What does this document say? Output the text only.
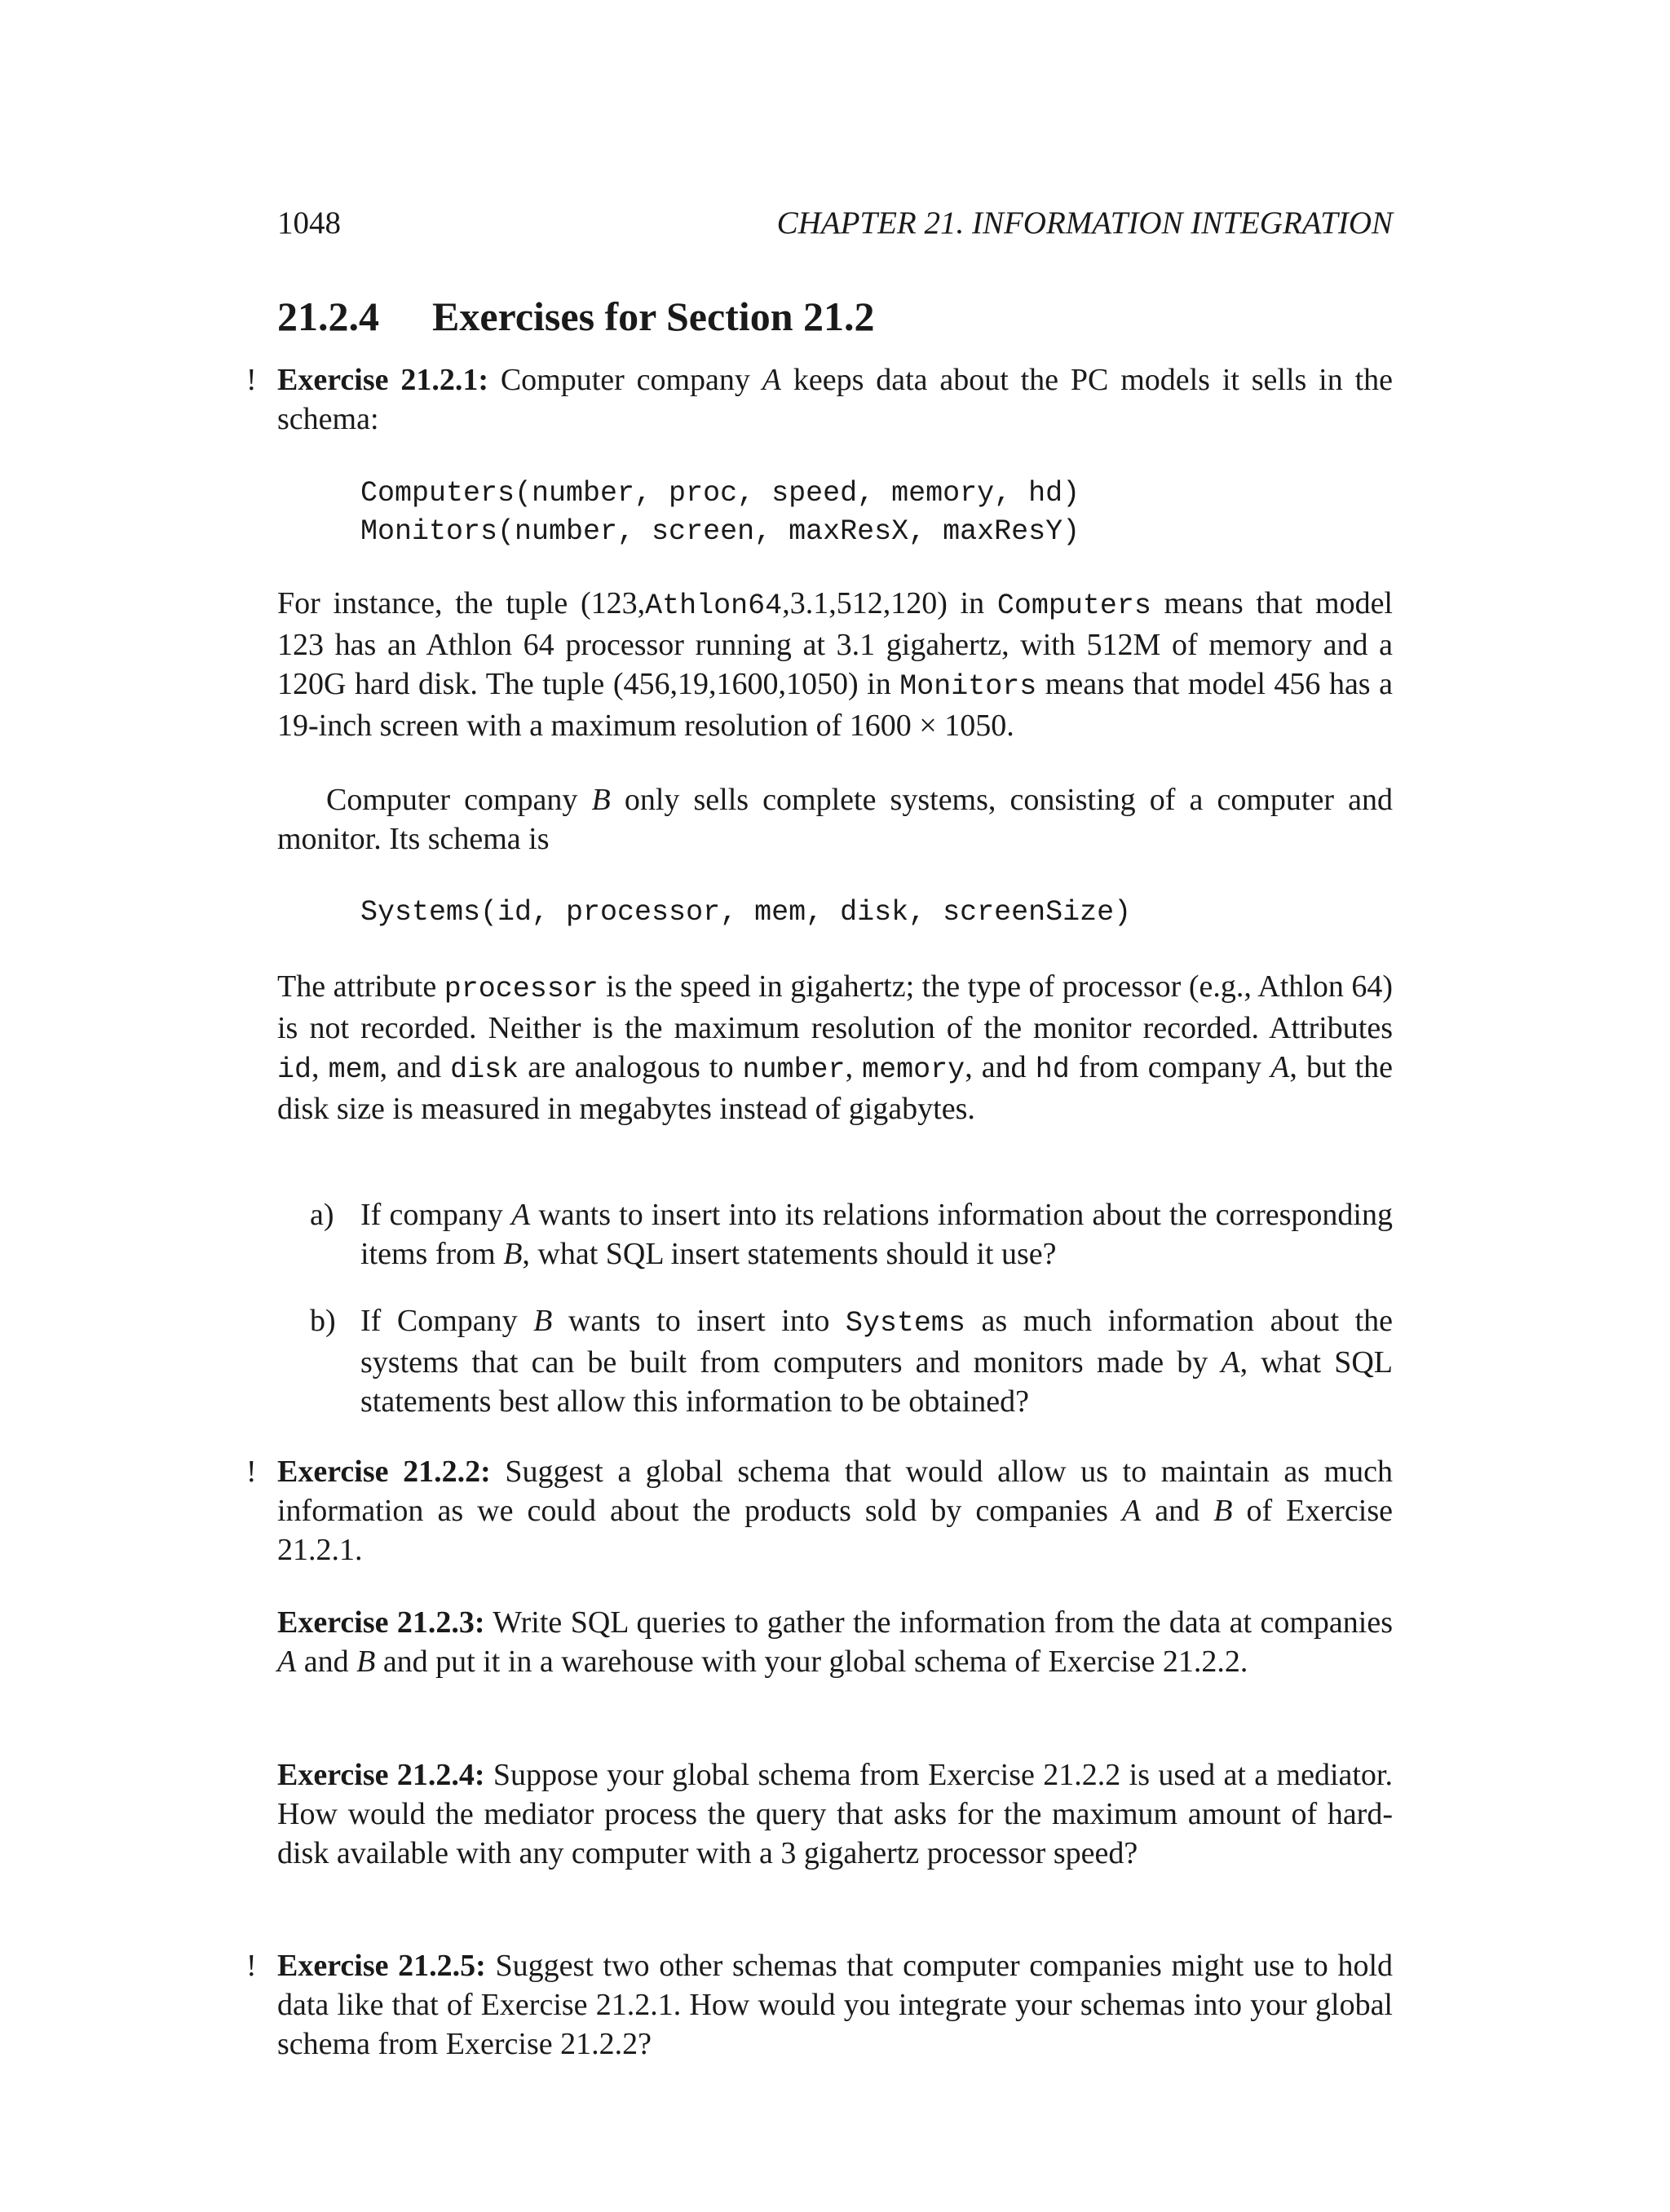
1048	CHAPTER 21. INFORMATION INTEGRATION
21.2.4 Exercises for Section 21.2
! Exercise 21.2.1: Computer company A keeps data about the PC models it sells in the schema:
Computers(number, proc, speed, memory, hd)
Monitors(number, screen, maxResX, maxResY)
For instance, the tuple (123,Athlon64,3.1,512,120) in Computers means that model 123 has an Athlon 64 processor running at 3.1 gigahertz, with 512M of memory and a 120G hard disk. The tuple (456,19,1600,1050) in Monitors means that model 456 has a 19-inch screen with a maximum resolution of 1600 × 1050.
Computer company B only sells complete systems, consisting of a computer and monitor. Its schema is
Systems(id, processor, mem, disk, screenSize)
The attribute processor is the speed in gigahertz; the type of processor (e.g., Athlon 64) is not recorded. Neither is the maximum resolution of the monitor recorded. Attributes id, mem, and disk are analogous to number, memory, and hd from company A, but the disk size is measured in megabytes instead of gigabytes.
a) If company A wants to insert into its relations information about the corresponding items from B, what SQL insert statements should it use?
b) If Company B wants to insert into Systems as much information about the systems that can be built from computers and monitors made by A, what SQL statements best allow this information to be obtained?
! Exercise 21.2.2: Suggest a global schema that would allow us to maintain as much information as we could about the products sold by companies A and B of Exercise 21.2.1.
Exercise 21.2.3: Write SQL queries to gather the information from the data at companies A and B and put it in a warehouse with your global schema of Exercise 21.2.2.
Exercise 21.2.4: Suppose your global schema from Exercise 21.2.2 is used at a mediator. How would the mediator process the query that asks for the maximum amount of hard-disk available with any computer with a 3 gigahertz processor speed?
! Exercise 21.2.5: Suggest two other schemas that computer companies might use to hold data like that of Exercise 21.2.1. How would you integrate your schemas into your global schema from Exercise 21.2.2?
